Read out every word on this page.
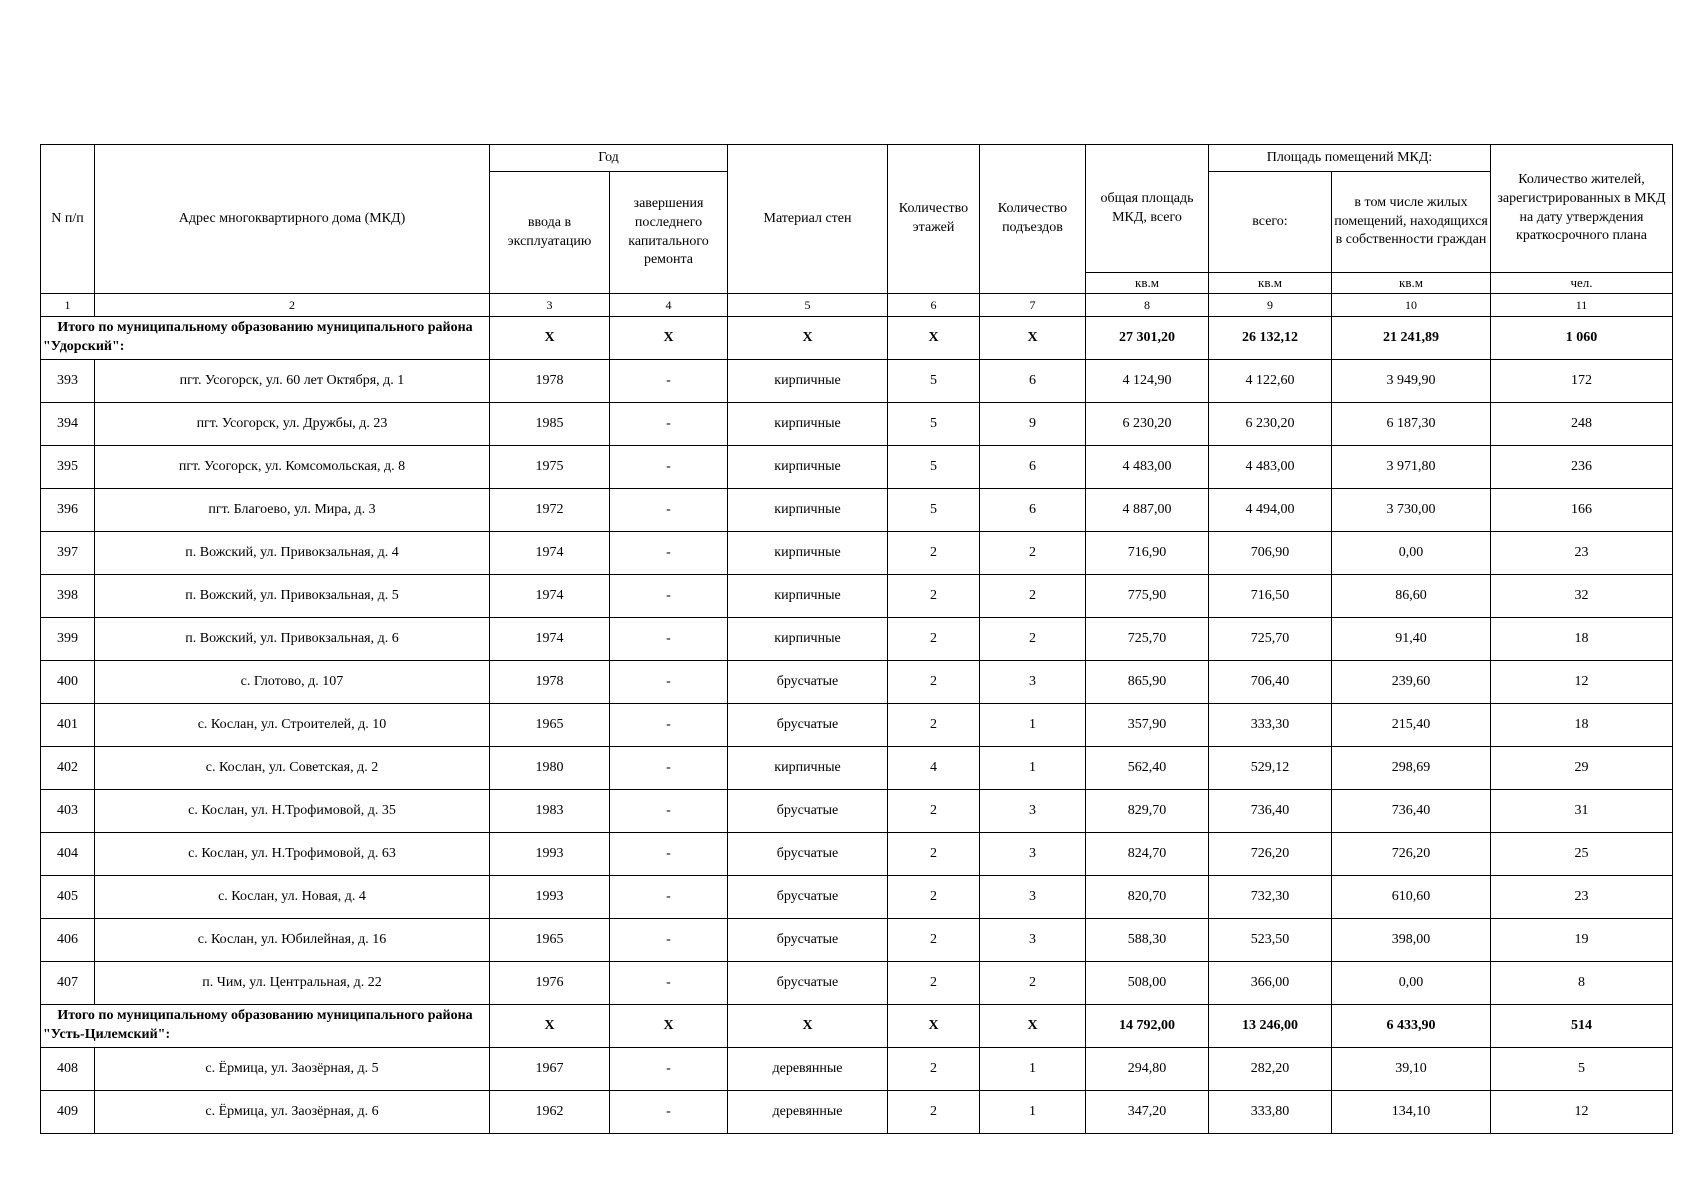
N п/п	Адрес многоквартирного дома (МКД)	Год		Материал стен	Количество этажей	Количество подъездов	общая площадь МКД, всего	Площадь помещений МКД:		Количество жителей, зарегистрированных в МКД на дату утверждения краткосрочного плана
		ввода в эксплуатацию	завершения последнего капитального ремонта					всего:	в том числе жилых помещений, находящихся в собственности граждан	
							кв.м	кв.м	кв.м	чел.
1	2	3	4	5	6	7	8	9	10	11
Итого по муниципальному образованию муниципального района "Удорский":		X	X	X	X	X	27 301,20	26 132,12	21 241,89	1 060
393	пгт. Усогорск, ул. 60 лет Октября, д. 1	1978	-	кирпичные	5	6	4 124,90	4 122,60	3 949,90	172
394	пгт. Усогорск, ул. Дружбы, д. 23	1985	-	кирпичные	5	9	6 230,20	6 230,20	6 187,30	248
395	пгт. Усогорск, ул. Комсомольская, д. 8	1975	-	кирпичные	5	6	4 483,00	4 483,00	3 971,80	236
396	пгт. Благоево, ул. Мира, д. 3	1972	-	кирпичные	5	6	4 887,00	4 494,00	3 730,00	166
397	п. Вожский, ул. Привокзальная, д. 4	1974	-	кирпичные	2	2	716,90	706,90	0,00	23
398	п. Вожский, ул. Привокзальная, д. 5	1974	-	кирпичные	2	2	775,90	716,50	86,60	32
399	п. Вожский, ул. Привокзальная, д. 6	1974	-	кирпичные	2	2	725,70	725,70	91,40	18
400	с. Глотово, д. 107	1978	-	брусчатые	2	3	865,90	706,40	239,60	12
401	с. Кослан, ул. Строителей, д. 10	1965	-	брусчатые	2	1	357,90	333,30	215,40	18
402	с. Кослан, ул. Советская, д. 2	1980	-	кирпичные	4	1	562,40	529,12	298,69	29
403	с. Кослан, ул. Н.Трофимовой, д. 35	1983	-	брусчатые	2	3	829,70	736,40	736,40	31
404	с. Кослан, ул. Н.Трофимовой, д. 63	1993	-	брусчатые	2	3	824,70	726,20	726,20	25
405	с. Кослан, ул. Новая, д. 4	1993	-	брусчатые	2	3	820,70	732,30	610,60	23
406	с. Кослан, ул. Юбилейная, д. 16	1965	-	брусчатые	2	3	588,30	523,50	398,00	19
407	п. Чим, ул. Центральная, д. 22	1976	-	брусчатые	2	2	508,00	366,00	0,00	8
Итого по муниципальному образованию муниципального района "Усть-Цилемский":		X	X	X	X	X	14 792,00	13 246,00	6 433,90	514
408	с. Ёрмица, ул. Заозёрная, д. 5	1967	-	деревянные	2	1	294,80	282,20	39,10	5
409	с. Ёрмица, ул. Заозёрная, д. 6	1962	-	деревянные	2	1	347,20	333,80	134,10	12
